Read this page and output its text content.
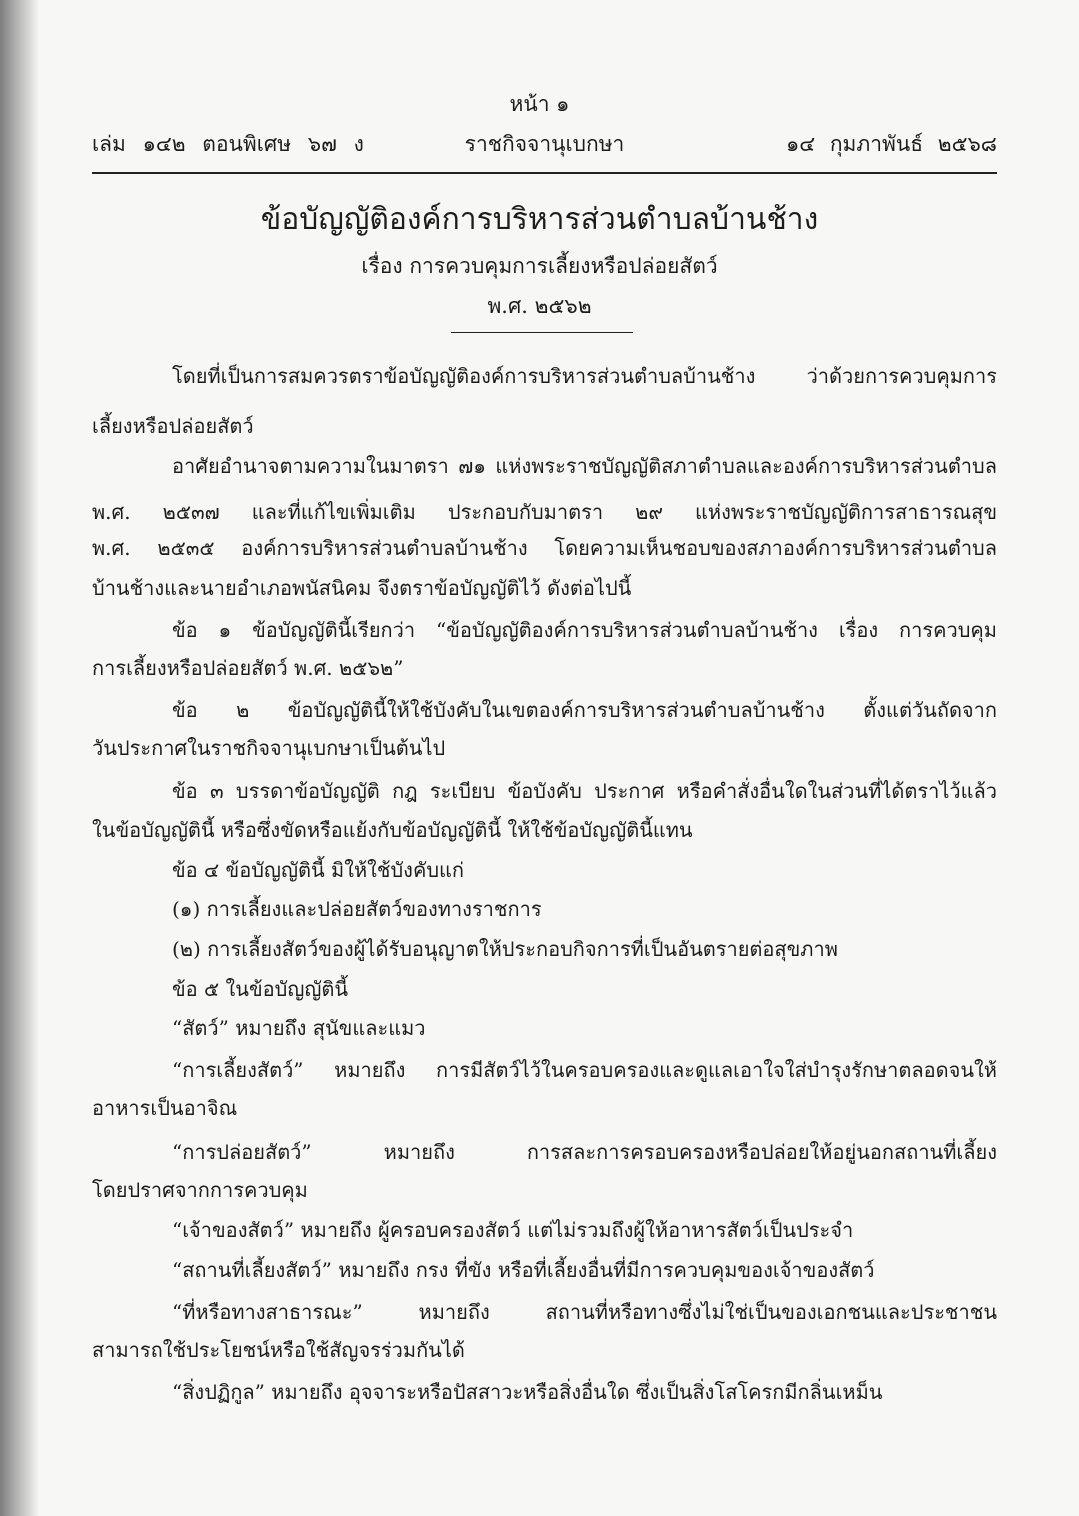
หน้า ๑
เล่ม ๑๔๒ ตอนพิเศษ ๖๗ ง	ราชกิจจานุเบกษา	๑๔ กุมภาพันธ์ ๒๕๖๘
ข้อบัญญัติองค์การบริหารส่วนตำบลบ้านช้าง
เรื่อง การควบคุมการเลี้ยงหรือปล่อยสัตว์
พ.ศ. ๒๕๖๒
โดยที่เป็นการสมควรตราข้อบัญญัติองค์การบริหารส่วนตำบลบ้านช้าง ว่าด้วยการควบคุมการ
เลี้ยงหรือปล่อยสัตว์
อาศัยอำนาจตามความในมาตรา ๗๑ แห่งพระราชบัญญัติสภาตำบลและองค์การบริหารส่วนตำบล
พ.ศ. ๒๕๓๗ และที่แก้ไขเพิ่มเติม ประกอบกับมาตรา ๒๙ แห่งพระราชบัญญัติการสาธารณสุข
พ.ศ. ๒๕๓๕ องค์การบริหารส่วนตำบลบ้านช้าง โดยความเห็นชอบของสภาองค์การบริหารส่วนตำบล
บ้านช้างและนายอำเภอพนัสนิคม จึงตราข้อบัญญัติไว้ ดังต่อไปนี้
ข้อ ๑ ข้อบัญญัตินี้เรียกว่า “ข้อบัญญัติองค์การบริหารส่วนตำบลบ้านช้าง เรื่อง การควบคุม
การเลี้ยงหรือปล่อยสัตว์ พ.ศ. ๒๕๖๒”
ข้อ ๒ ข้อบัญญัตินี้ให้ใช้บังคับในเขตองค์การบริหารส่วนตำบลบ้านช้าง ตั้งแต่วันถัดจาก
วันประกาศในราชกิจจานุเบกษาเป็นต้นไป
ข้อ ๓ บรรดาข้อบัญญัติ กฎ ระเบียบ ข้อบังคับ ประกาศ หรือคำสั่งอื่นใดในส่วนที่ได้ตราไว้แล้ว
ในข้อบัญญัตินี้ หรือซึ่งขัดหรือแย้งกับข้อบัญญัตินี้ ให้ใช้ข้อบัญญัตินี้แทน
ข้อ ๔ ข้อบัญญัตินี้ มิให้ใช้บังคับแก่
(๑) การเลี้ยงและปล่อยสัตว์ของทางราชการ
(๒) การเลี้ยงสัตว์ของผู้ได้รับอนุญาตให้ประกอบกิจการที่เป็นอันตรายต่อสุขภาพ
ข้อ ๕ ในข้อบัญญัตินี้
“สัตว์” หมายถึง สุนัขและแมว
“การเลี้ยงสัตว์” หมายถึง การมีสัตว์ไว้ในครอบครองและดูแลเอาใจใส่บำรุงรักษาตลอดจนให้
อาหารเป็นอาจิณ
“การปล่อยสัตว์” หมายถึง การสละการครอบครองหรือปล่อยให้อยู่นอกสถานที่เลี้ยง
โดยปราศจากการควบคุม
“เจ้าของสัตว์” หมายถึง ผู้ครอบครองสัตว์ แต่ไม่รวมถึงผู้ให้อาหารสัตว์เป็นประจำ
“สถานที่เลี้ยงสัตว์” หมายถึง กรง ที่ขัง หรือที่เลี้ยงอื่นที่มีการควบคุมของเจ้าของสัตว์
“ที่หรือทางสาธารณะ” หมายถึง สถานที่หรือทางซึ่งไม่ใช่เป็นของเอกชนและประชาชน
สามารถใช้ประโยชน์หรือใช้สัญจรร่วมกันได้
“สิ่งปฏิกูล” หมายถึง อุจจาระหรือปัสสาวะหรือสิ่งอื่นใด ซึ่งเป็นสิ่งโสโครกมีกลิ่นเหม็น
